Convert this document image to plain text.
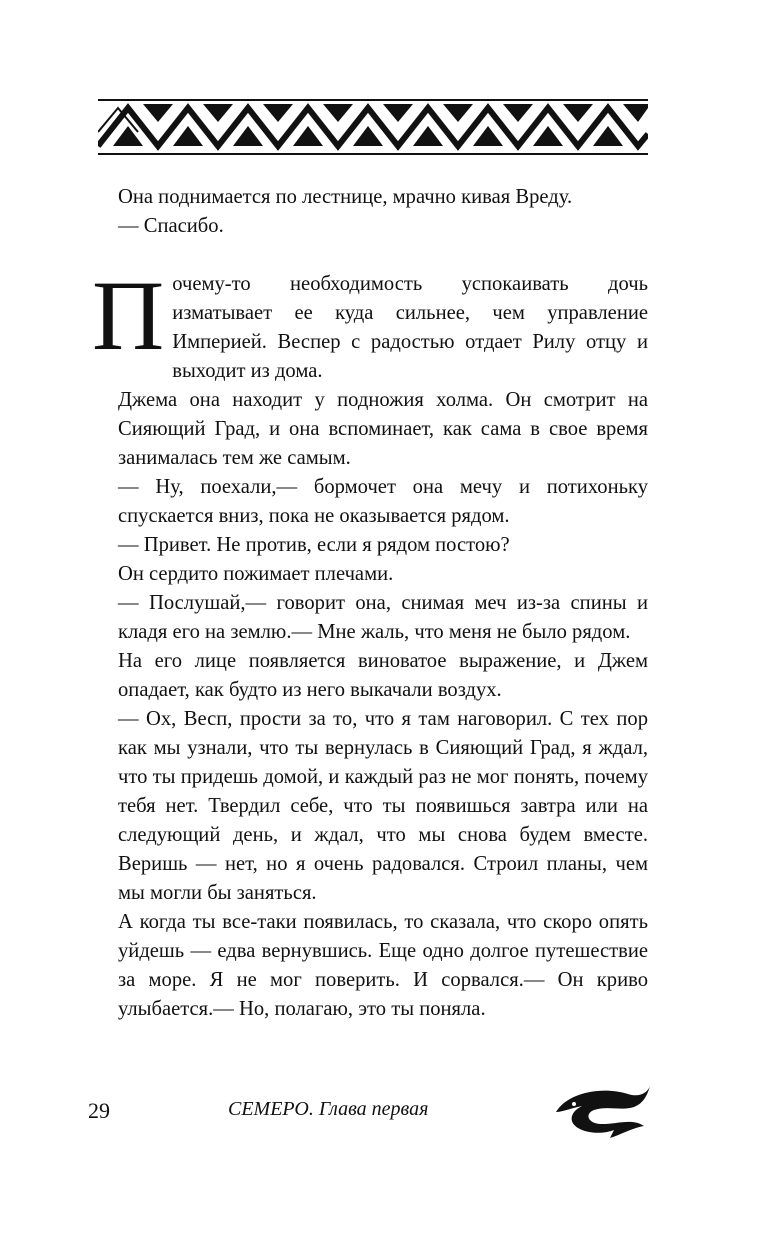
Она поднимается по лестнице, мрачно кивая Вреду.

— Спасибо.

П очему-то необходимость успокаивать дочь изматывает ее куда сильнее, чем управление Империей. Веспер с радостью отдает Рилу отцу и выходит из дома.

Джема она находит у подножия холма. Он смотрит на Сияющий Град, и она вспоминает, как сама в свое время занималась тем же самым.

— Ну, поехали,— бормочет она мечу и потихоньку спускается вниз, пока не оказывается рядом.

— Привет. Не против, если я рядом постою?

Он сердито пожимает плечами.

— Послушай,— говорит она, снимая меч из-за спины и кладя его на землю.— Мне жаль, что меня не было рядом.

На его лице появляется виноватое выражение, и Джем опадает, как будто из него выкачали воздух.

— Ох, Весп, прости за то, что я там наговорил. С тех пор как мы узнали, что ты вернулась в Сияющий Град, я ждал, что ты придешь домой, и каждый раз не мог понять, почему тебя нет. Твердил себе, что ты появишься завтра или на следующий день, и ждал, что мы снова будем вместе. Веришь — нет, но я очень радовался. Строил планы, чем мы могли бы заняться.

А когда ты все-таки появилась, то сказала, что скоро опять уйдешь — едва вернувшись. Еще одно долгое путешествие за море. Я не мог поверить. И сорвался.— Он криво улыбается.— Но, полагаю, это ты поняла.

29	СЕМЕРО. Глава первая
